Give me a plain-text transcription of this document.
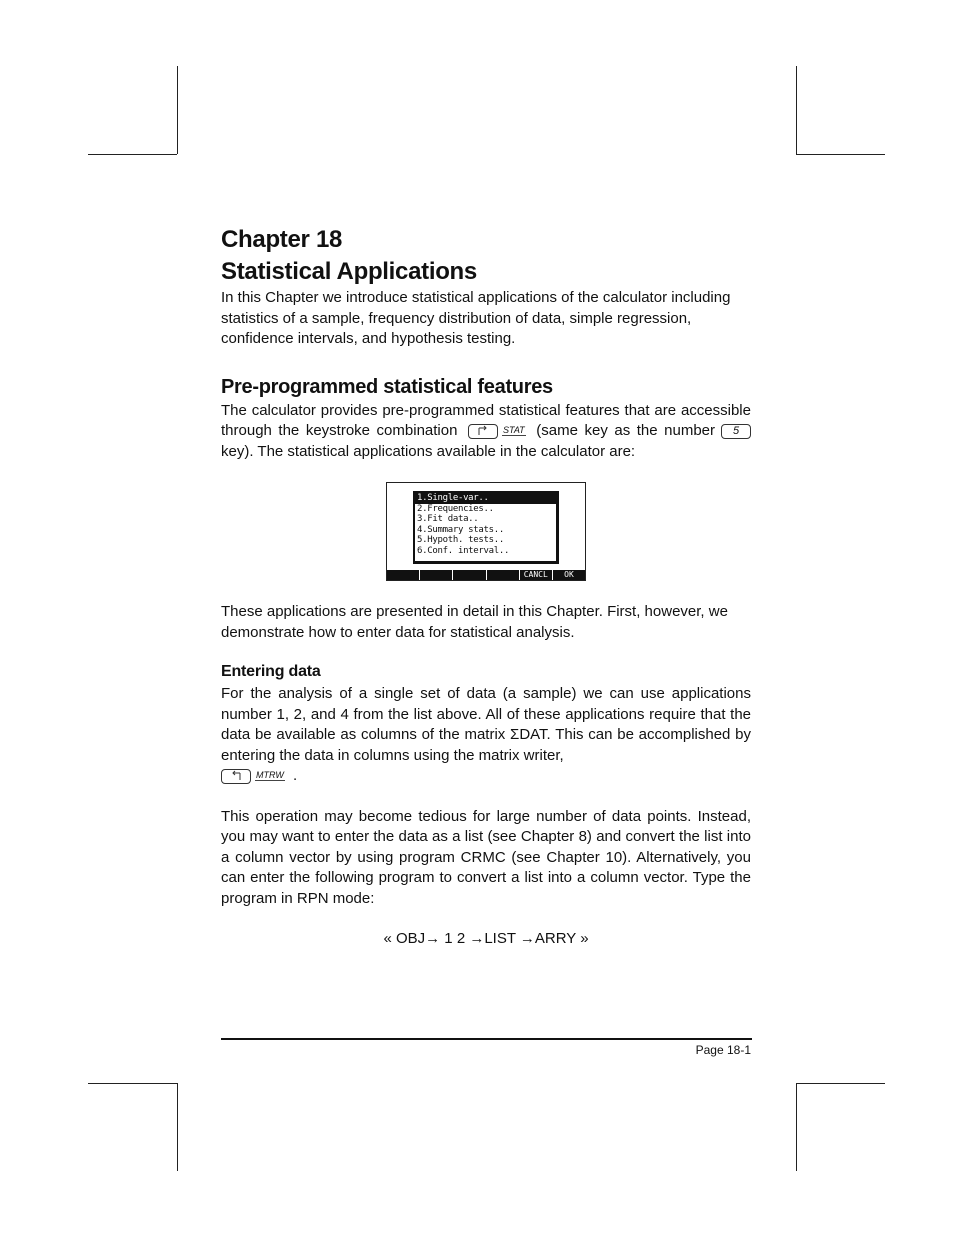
Chapter 18
Statistical Applications

In this Chapter we introduce statistical applications of the calculator including statistics of a sample, frequency distribution of data, simple regression, confidence intervals, and hypothesis testing.

Pre-programmed statistical features

The calculator provides pre-programmed statistical features that are accessible through the keystroke combination	STAT (same key as the number 5 key). The statistical applications available in the calculator are:

1.Single-var..
2.Frequencies..
3.Fit data..
4.Summary stats..
5.Hypoth. tests..
6.Conf. interval..
CANCL	OK

These applications are presented in detail in this Chapter. First, however, we demonstrate how to enter data for statistical analysis.

Entering data

For the analysis of a single set of data (a sample) we can use applications number 1, 2, and 4 from the list above. All of these applications require that the data be available as columns of the matrix ΣDAT. This can be accomplished by entering the data in columns using the matrix writer,

MTRW .

This operation may become tedious for large number of data points. Instead, you may want to enter the data as a list (see Chapter 8) and convert the list into a column vector by using program CRMC (see Chapter 10). Alternatively, you can enter the following program to convert a list into a column vector. Type the program in RPN mode:

« OBJ→ 1 2 →LIST →ARRY »

Page 18-1
